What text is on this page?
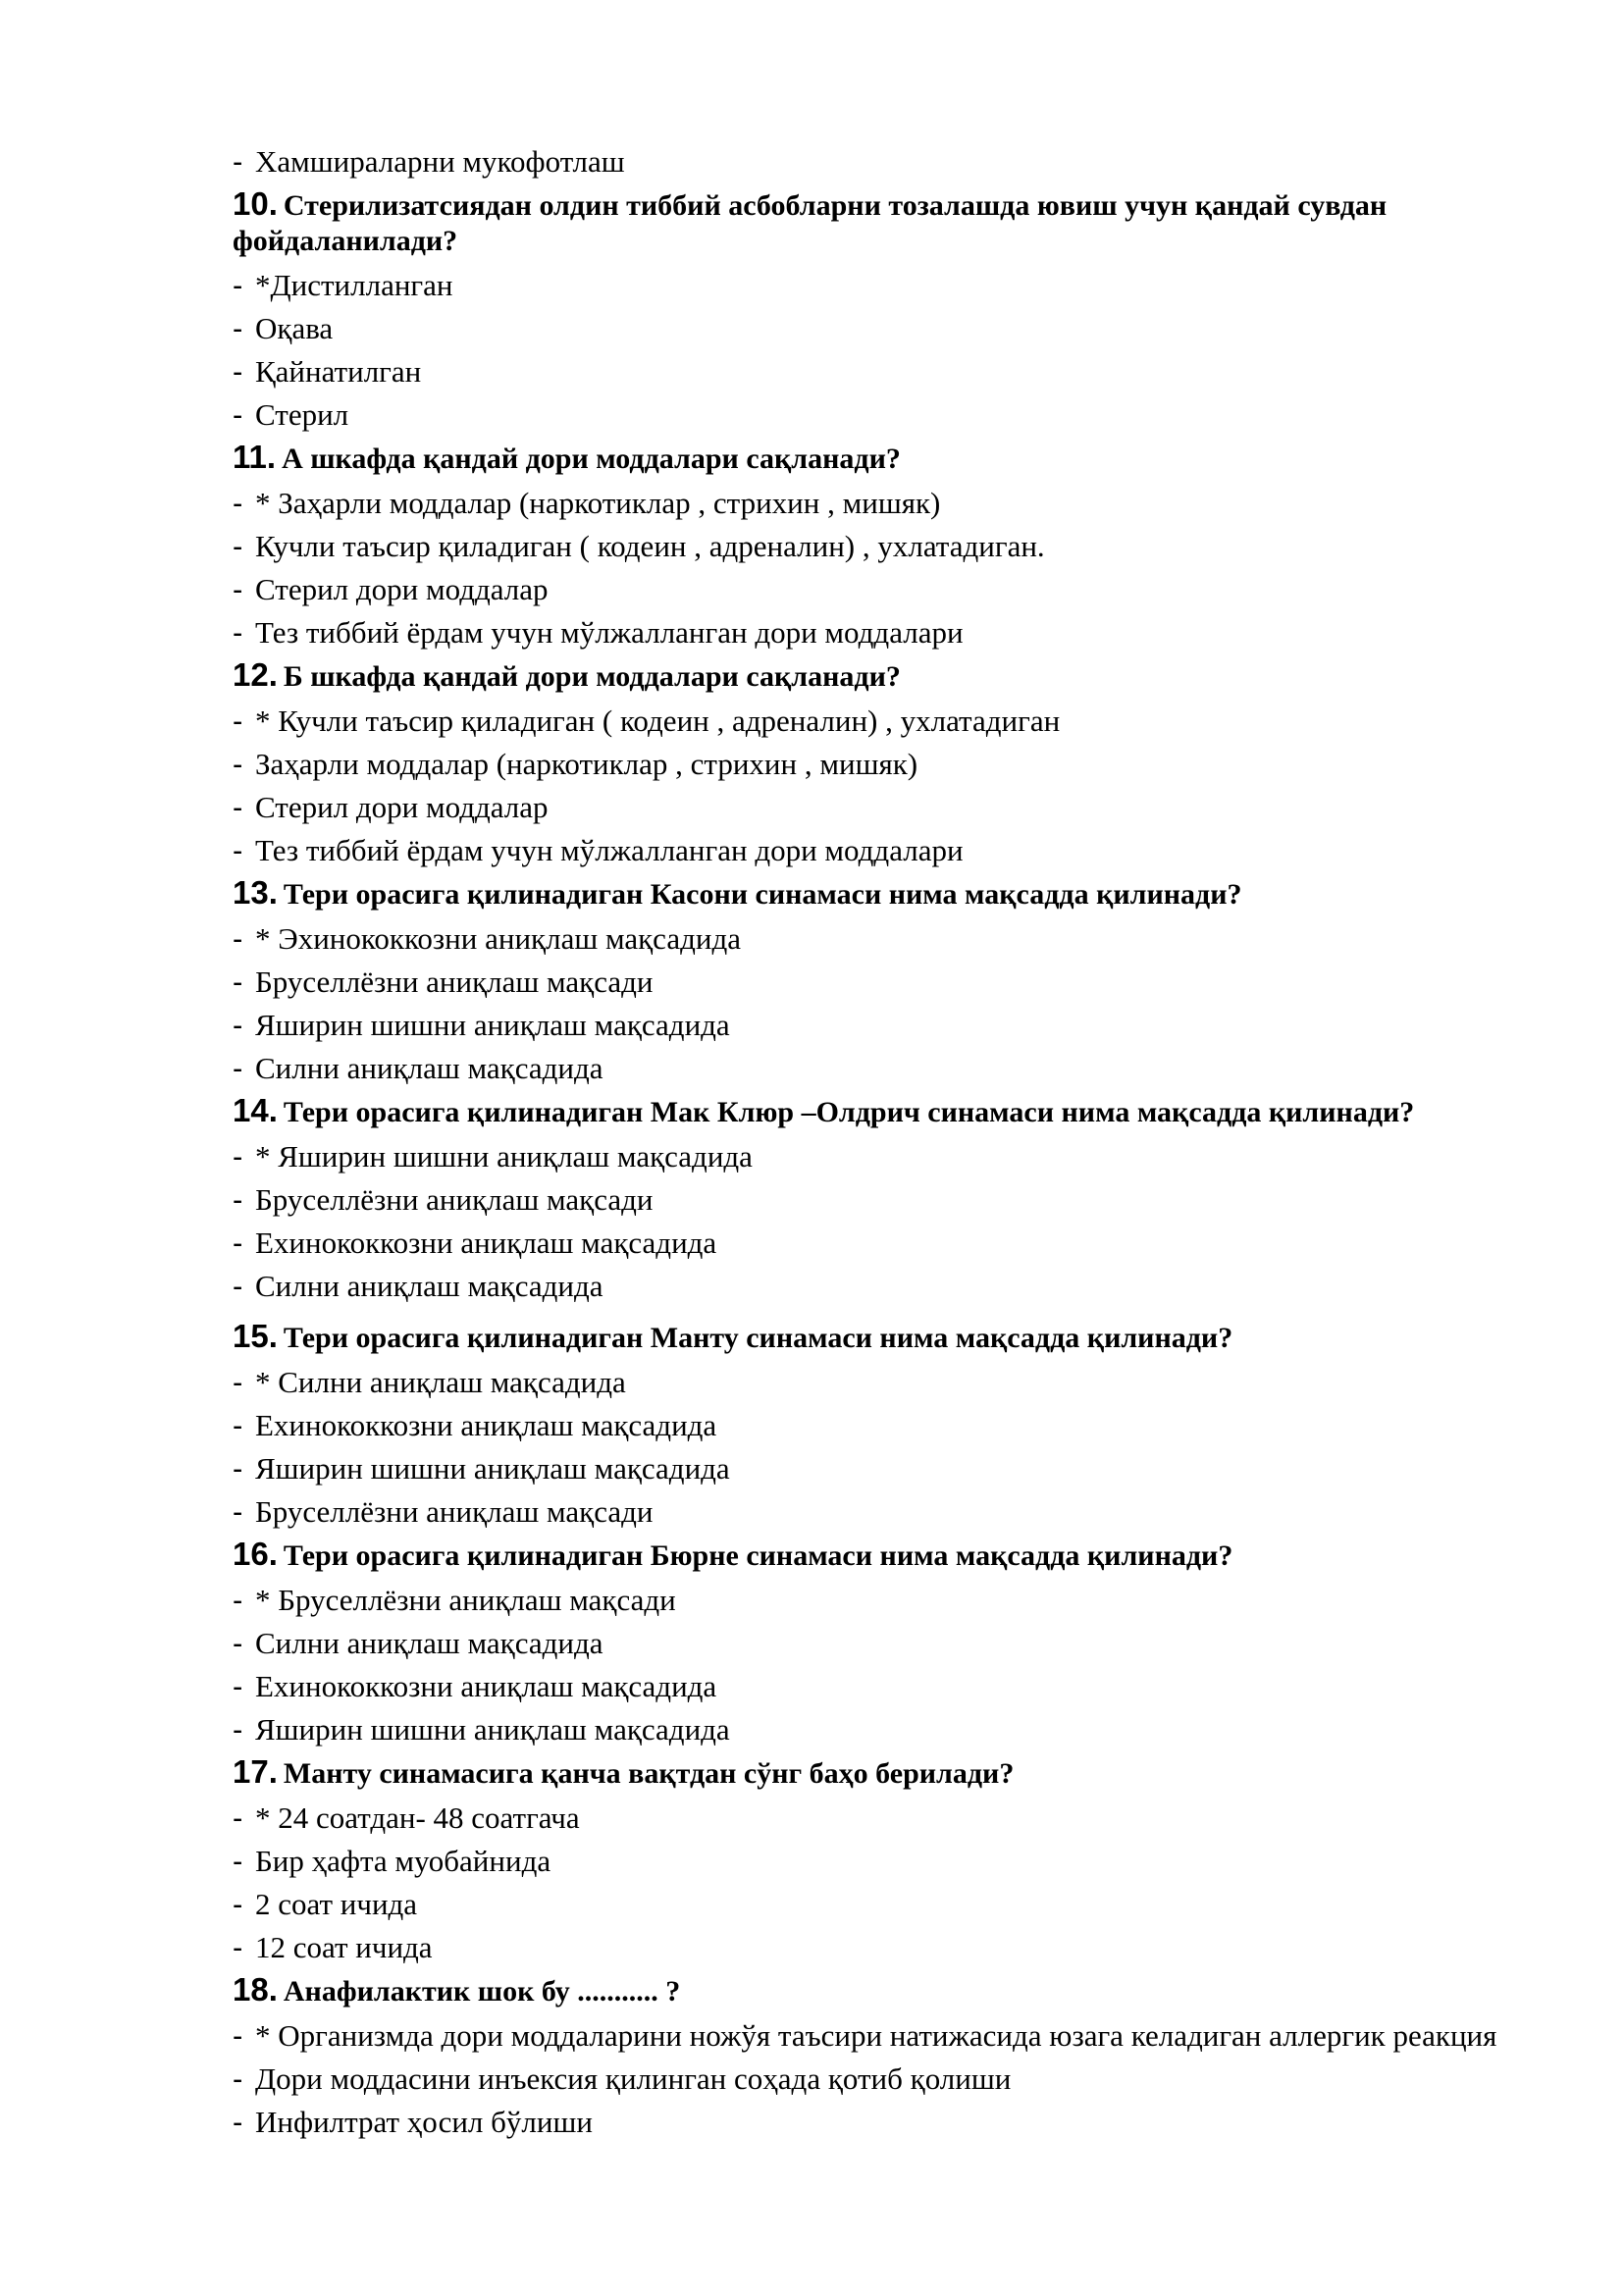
- Хамшираларни мукофотлаш
10. Стерилизатсиядан олдин тиббий асбобларни тозалашда ювиш учун қандай сувдан фойдаланилади?
- *Дистилланган
- Оқава
- Қайнатилган
- Стерил
11. А шкафда қандай дори моддалари сақланади?
- * Заҳарли моддалар (наркотиклар , стрихин , мишяк)
- Кучли таъсир қиладиган ( кодеин , адреналин) , ухлатадиган.
- Стерил дори моддалар
- Тез тиббий ёрдам учун мўлжалланган дори моддалари
12. Б шкафда қандай дори моддалари сақланади?
- * Кучли таъсир қиладиган ( кодеин , адреналин) , ухлатадиган
- Заҳарли моддалар (наркотиклар , стрихин , мишяк)
- Стерил дори моддалар
- Тез тиббий ёрдам учун мўлжалланган дори моддалари
13. Тери орасига қилинадиган Касони синамаси нима мақсадда қилинади?
- * Эхинококкозни аниқлаш мақсадида
- Бруселлёзни аниқлаш мақсади
- Яширин шишни аниқлаш мақсадида
- Силни аниқлаш мақсадида
14. Тери орасига қилинадиган Мак Клюр –Олдрич синамаси нима мақсадда қилинади?
- * Яширин шишни аниқлаш мақсадида
- Бруселлёзни аниқлаш мақсади
- Ехинококкозни аниқлаш мақсадида
- Силни аниқлаш мақсадида
15. Тери орасига қилинадиган Манту синамаси нима мақсадда қилинади?
- * Силни аниқлаш мақсадида
- Ехинококкозни аниқлаш мақсадида
- Яширин шишни аниқлаш мақсадида
- Бруселлёзни аниқлаш мақсади
16. Тери орасига қилинадиган Бюрне синамаси нима мақсадда қилинади?
- * Бруселлёзни аниқлаш мақсади
- Силни аниқлаш мақсадида
- Ехинококкозни аниқлаш мақсадида
- Яширин шишни аниқлаш мақсадида
17. Манту синамасига қанча вақтдан сўнг баҳо берилади?
- * 24 соатдан- 48 соатгача
- Бир ҳафта муобайнида
- 2 соат ичида
- 12 соат ичида
18. Анафилактик шок бу ........... ?
- * Организмда дори моддаларини ножўя таъсири натижасида юзага келадиган аллергик реакция
- Дори моддасини инъексия қилинган соҳада қотиб қолиши
- Инфилтрат ҳосил бўлиши
